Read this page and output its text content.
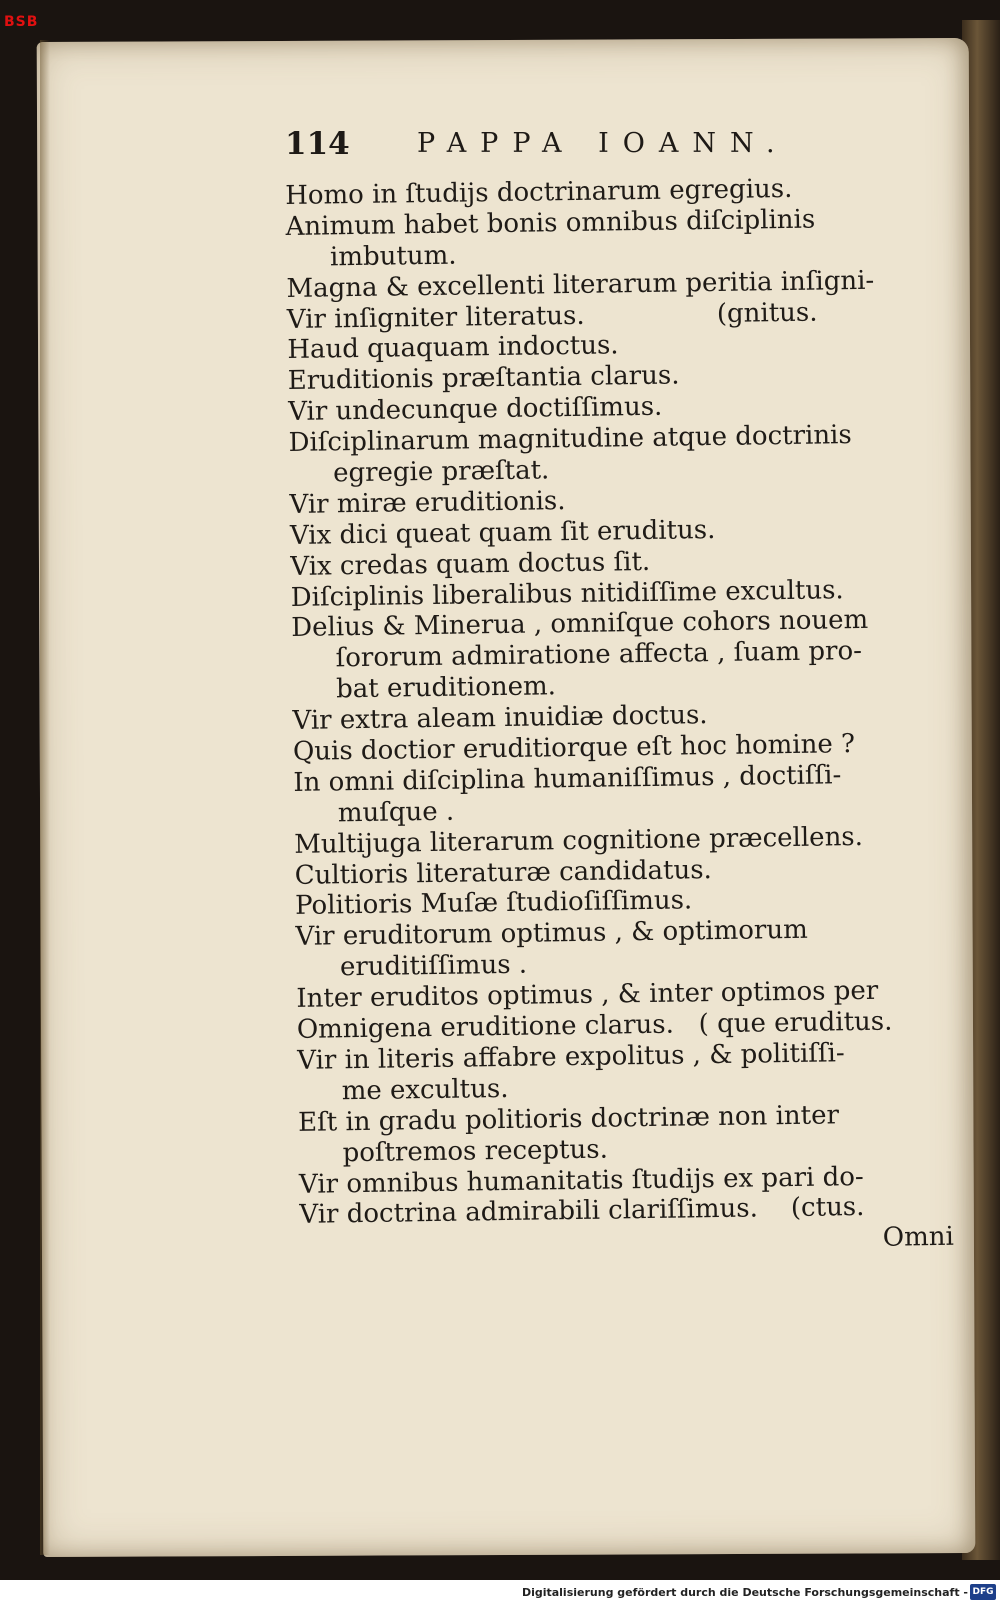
BSB
114 PAPPA IOANN.
Homo in ſtudijs doctrinarum egregius.
Animum habet bonis omnibus diſciplinis
imbutum.
Magna & excellenti literarum peritia inſigni-
Vir inſigniter literatus.                (gnitus.
Haud quaquam indoctus.
Eruditionis præſtantia clarus.
Vir undecunque doctiſſimus.
Diſciplinarum magnitudine atque doctrinis
egregie præſtat.
Vir miræ eruditionis.
Vix dici queat quam ſit eruditus.
Vix credas quam doctus ſit.
Diſciplinis liberalibus nitidiſſime excultus.
Delius & Minerua , omniſque cohors nouem
ſororum admiratione affecta , ſuam pro-
bat eruditionem.
Vir extra aleam inuidiæ doctus.
Quis doctior eruditiorque eſt hoc homine ?
In omni diſciplina humaniſſimus , doctiſſi-
muſque .
Multijuga literarum cognitione præcellens.
Cultioris literaturæ candidatus.
Politioris Muſæ ſtudioſiſſimus.
Vir eruditorum optimus , & optimorum
eruditiſſimus .
Inter eruditos optimus , & inter optimos per
Omnigena eruditione clarus.   ( que eruditus.
Vir in literis affabre expolitus , & politiſſi-
me excultus.
Eſt in gradu politioris doctrinæ non inter
poſtremos receptus.
Vir omnibus humanitatis ſtudijs ex pari do-
Vir doctrina admirabili clariſſimus.    (ctus.
Omni
Digitalisierung gefördert durch die Deutsche Forschungsgemeinschaft - DFG
